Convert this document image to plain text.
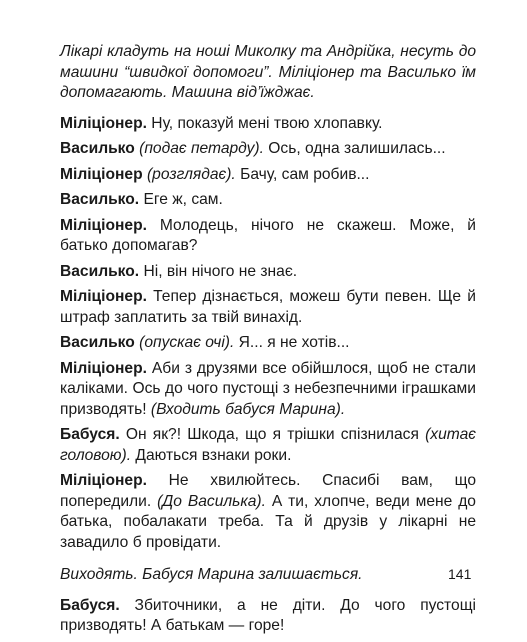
Лікарі кладуть на ноші Миколку та Андрійка, несуть до машини “швидкої допомоги”. Міліціонер та Василько їм допомагають. Машина від’їжджає.

Міліціонер. Ну, показуй мені твою хлопавку.

Василько (подає петарду). Ось, одна залишилась...

Міліціонер (розглядає). Бачу, сам робив...

Василько. Еге ж, сам.

Міліціонер. Молодець, нічого не скажеш. Може, й батько допомагав?

Василько. Ні, він нічого не знає.

Міліціонер. Тепер дізнається, можеш бути певен. Ще й штраф заплатить за твій винахід.

Василько (опускає очі). Я... я не хотів...

Міліціонер. Аби з друзями все обійшлося, щоб не стали каліками. Ось до чого пустощі з небезпечними іграшками призводять! (Входить бабуся Марина).

Бабуся. Он як?! Шкода, що я трішки спізнилася (хитає головою). Даються взнаки роки.

Міліціонер. Не хвилюйтесь. Спасибі вам, що попередили. (До Василька). А ти, хлопче, веди мене до батька, побалакати треба. Та й друзів у лікарні не завадило б провідати.

Виходять. Бабуся Марина залишається.

Бабуся. Збиточники, а не діти. До чого пустощі призводять! А батькам — горе!

141
